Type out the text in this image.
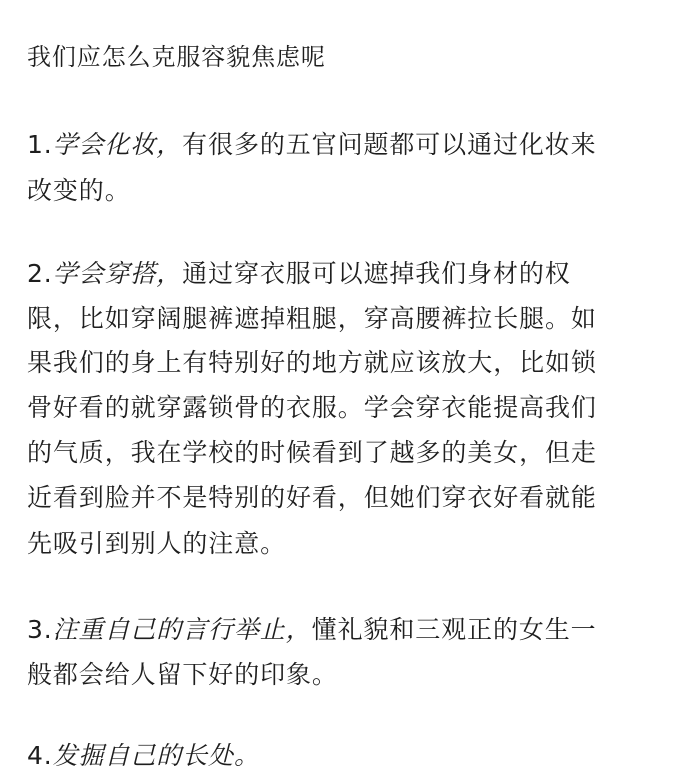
我们应怎么克服容貌焦虑呢
1.学会化妆，有很多的五官问题都可以通过化妆来
改变的。
2.学会穿搭，通过穿衣服可以遮掉我们身材的权
限，比如穿阔腿裤遮掉粗腿，穿高腰裤拉长腿。如
果我们的身上有特别好的地方就应该放大，比如锁
骨好看的就穿露锁骨的衣服。学会穿衣能提高我们
的气质，我在学校的时候看到了越多的美女，但走
近看到脸并不是特别的好看，但她们穿衣好看就能
先吸引到别人的注意。
3.注重自己的言行举止，懂礼貌和三观正的女生一
般都会给人留下好的印象。
4.发掘自己的长处。
